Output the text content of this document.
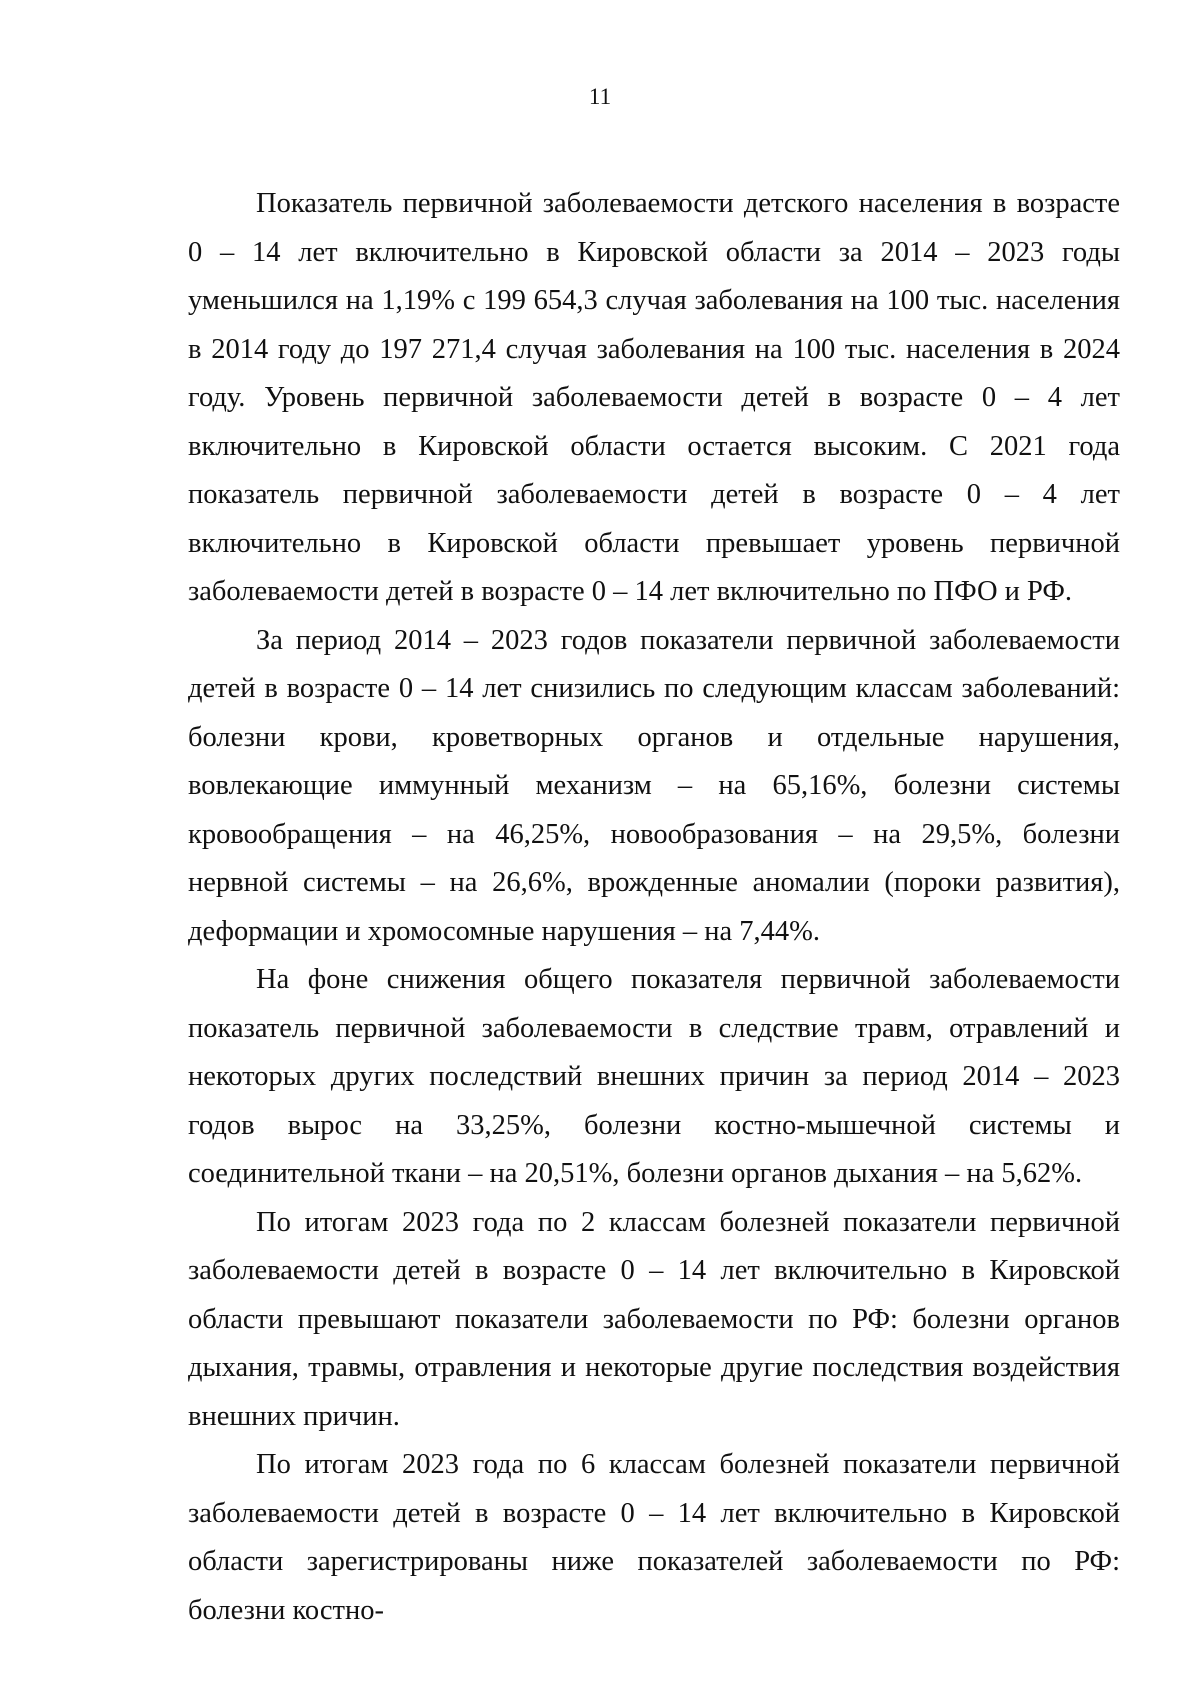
11

Показатель первичной заболеваемости детского населения в возрасте 0 – 14 лет включительно в Кировской области за 2014 – 2023 годы уменьшился на 1,19% с 199 654,3 случая заболевания на 100 тыс. населения в 2014 году до 197 271,4 случая заболевания на 100 тыс. населения в 2024 году. Уровень первичной заболеваемости детей в возрасте 0 – 4 лет включительно в Кировской области остается высоким. С 2021 года показатель первичной заболеваемости детей в возрасте 0 – 4 лет включительно в Кировской области превышает уровень первичной заболеваемости детей в возрасте 0 – 14 лет включительно по ПФО и РФ.

За период 2014 – 2023 годов показатели первичной заболеваемости детей в возрасте 0 – 14 лет снизились по следующим классам заболеваний: болезни крови, кроветворных органов и отдельные нарушения, вовлекающие иммунный механизм – на 65,16%, болезни системы кровообращения – на 46,25%, новообразования – на 29,5%, болезни нервной системы – на 26,6%, врожденные аномалии (пороки развития), деформации и хромосомные нарушения – на 7,44%.

На фоне снижения общего показателя первичной заболеваемости показатель первичной заболеваемости в следствие травм, отравлений и некоторых других последствий внешних причин за период 2014 – 2023 годов вырос на 33,25%, болезни костно-мышечной системы и соединительной ткани – на 20,51%, болезни органов дыхания – на 5,62%.

По итогам 2023 года по 2 классам болезней показатели первичной заболеваемости детей в возрасте 0 – 14 лет включительно в Кировской области превышают показатели заболеваемости по РФ: болезни органов дыхания, травмы, отравления и некоторые другие последствия воздействия внешних причин.

По итогам 2023 года по 6 классам болезней показатели первичной заболеваемости детей в возрасте 0 – 14 лет включительно в Кировской области зарегистрированы ниже показателей заболеваемости по РФ: болезни костно-
